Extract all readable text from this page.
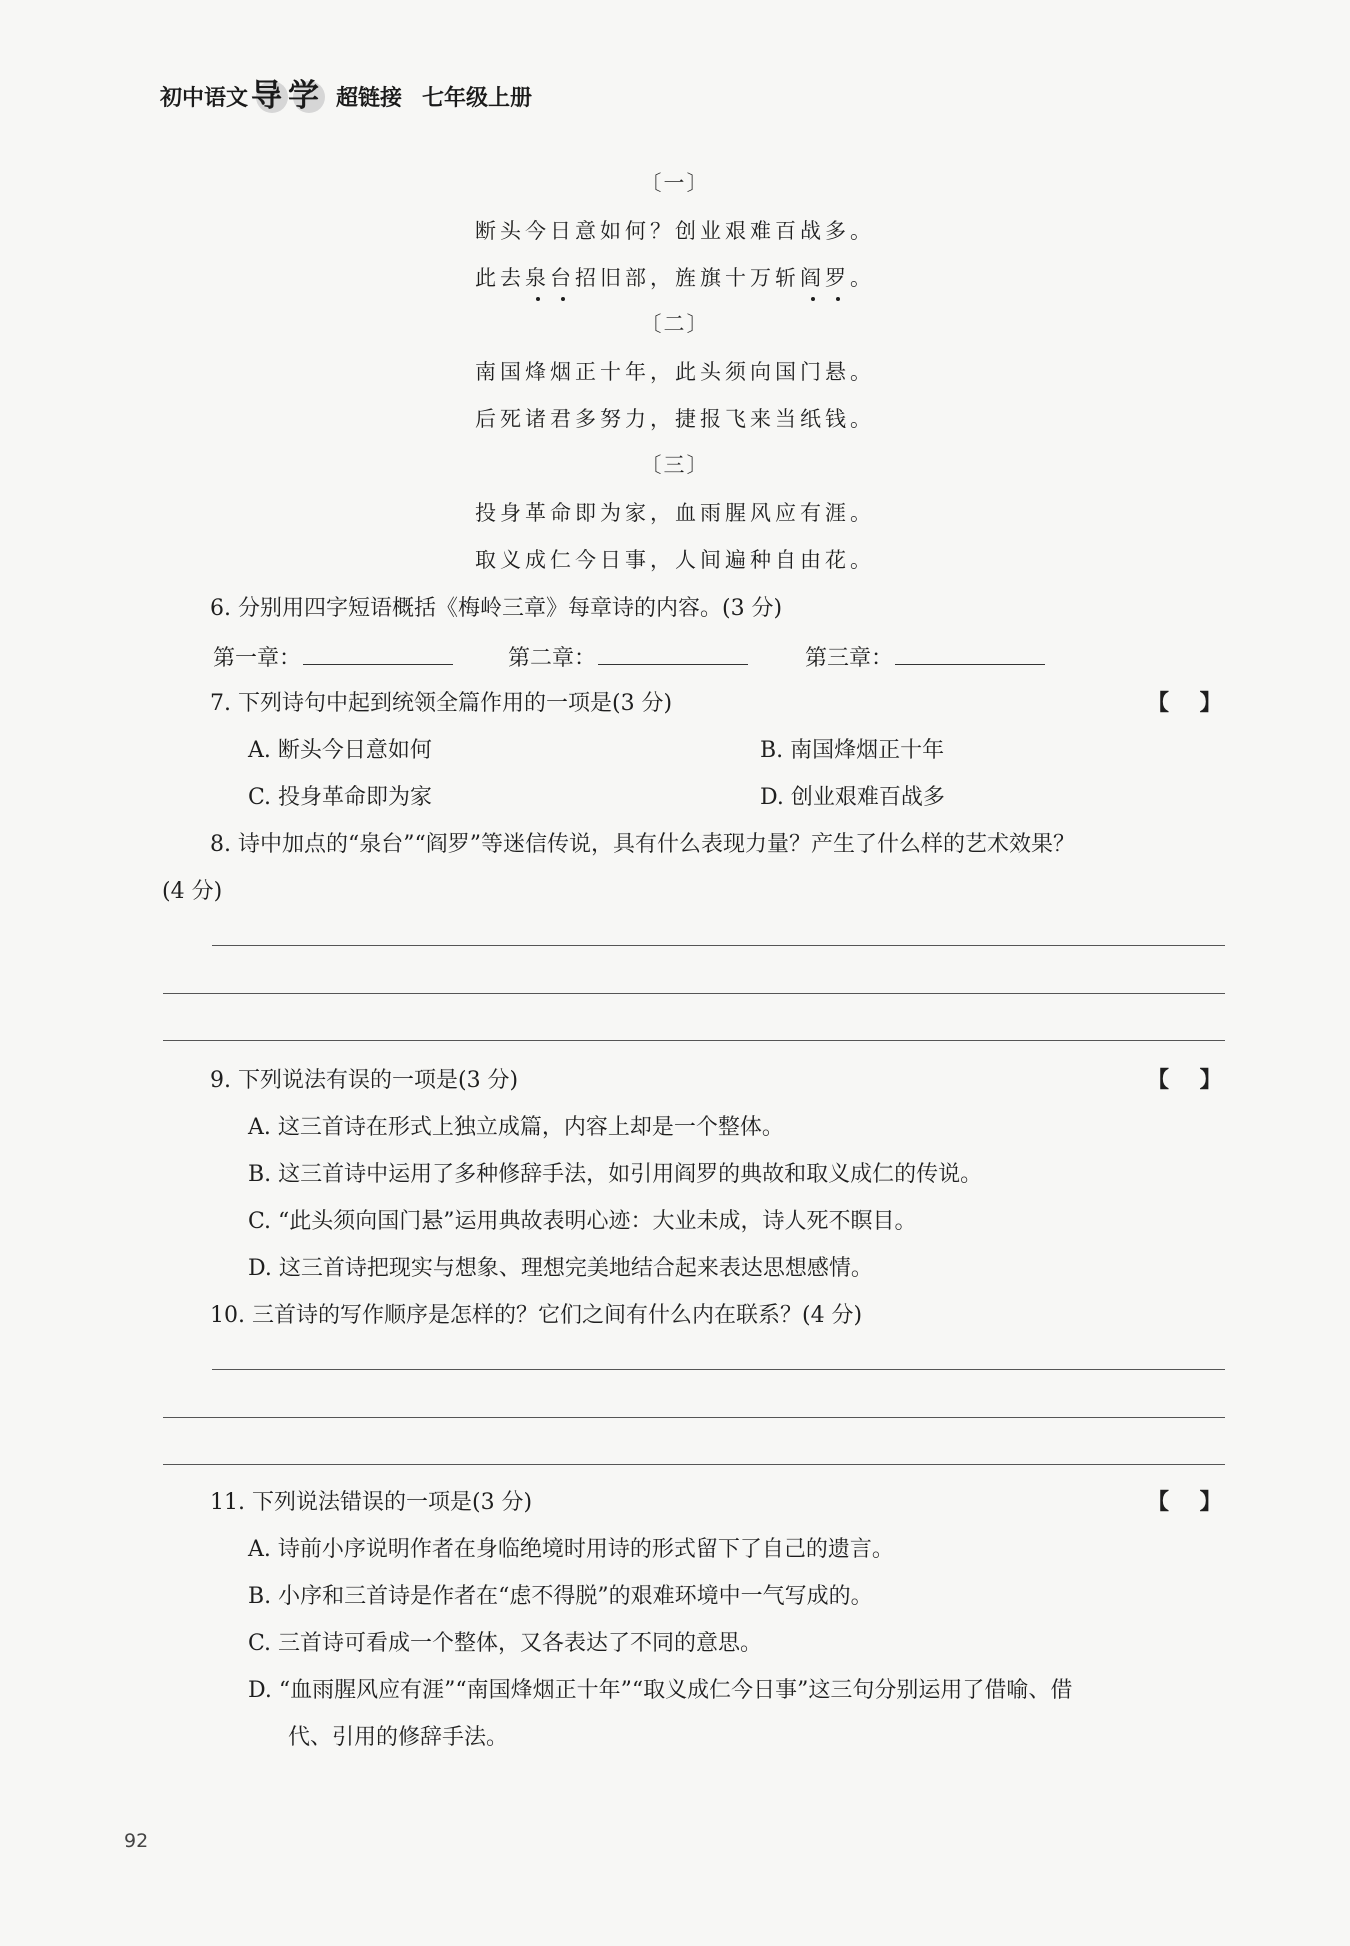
初中语文 导 学 超链接 七年级上册
〔一〕
断头今日意如何？创业艰难百战多。
此去泉台招旧部，旌旗十万斩阎罗。
〔二〕
南国烽烟正十年，此头须向国门悬。
后死诸君多努力，捷报飞来当纸钱。
〔三〕
投身革命即为家，血雨腥风应有涯。
取义成仁今日事，人间遍种自由花。
6. 分别用四字短语概括《梅岭三章》每章诗的内容。(3 分)
第一章：	第二章：	第三章：
7. 下列诗句中起到统领全篇作用的一项是(3 分)	【    】
A. 断头今日意如何	B. 南国烽烟正十年
C. 投身革命即为家	D. 创业艰难百战多
8. 诗中加点的“泉台”“阎罗”等迷信传说，具有什么表现力量？产生了什么样的艺术效果？
(4 分)
9. 下列说法有误的一项是(3 分)	【    】
A. 这三首诗在形式上独立成篇，内容上却是一个整体。
B. 这三首诗中运用了多种修辞手法，如引用阎罗的典故和取义成仁的传说。
C. “此头须向国门悬”运用典故表明心迹：大业未成，诗人死不瞑目。
D. 这三首诗把现实与想象、理想完美地结合起来表达思想感情。
10. 三首诗的写作顺序是怎样的？它们之间有什么内在联系？(4 分)
11. 下列说法错误的一项是(3 分)	【    】
A. 诗前小序说明作者在身临绝境时用诗的形式留下了自己的遗言。
B. 小序和三首诗是作者在“虑不得脱”的艰难环境中一气写成的。
C. 三首诗可看成一个整体，又各表达了不同的意思。
D. “血雨腥风应有涯”“南国烽烟正十年”“取义成仁今日事”这三句分别运用了借喻、借
代、引用的修辞手法。
92
